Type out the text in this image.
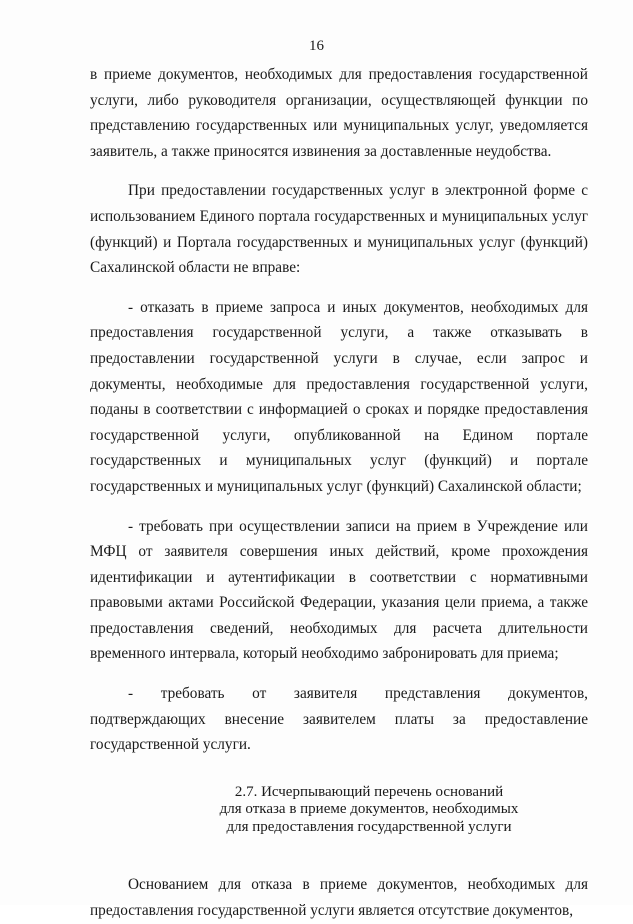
16

в приеме документов, необходимых для предоставления государственной услуги, либо руководителя организации, осуществляющей функции по представлению государственных или муниципальных услуг, уведомляется заявитель, а также приносятся извинения за доставленные неудобства.

При предоставлении государственных услуг в электронной форме с использованием Единого портала государственных и муниципальных услуг (функций) и Портала государственных и муниципальных услуг (функций) Сахалинской области не вправе:

- отказать в приеме запроса и иных документов, необходимых для предоставления государственной услуги, а также отказывать в предоставлении государственной услуги в случае, если запрос и документы, необходимые для предоставления государственной услуги, поданы в соответствии с информацией о сроках и порядке предоставления государственной услуги, опубликованной на Едином портале государственных и муниципальных услуг (функций) и портале государственных и муниципальных услуг (функций) Сахалинской области;

- требовать при осуществлении записи на прием в Учреждение или МФЦ от заявителя совершения иных действий, кроме прохождения идентификации и аутентификации в соответствии с нормативными правовыми актами Российской Федерации, указания цели приема, а также предоставления сведений, необходимых для расчета длительности временного интервала, который необходимо забронировать для приема;

- требовать от заявителя представления документов, подтверждающих внесение заявителем платы за предоставление государственной услуги.

2.7. Исчерпывающий перечень оснований
для отказа в приеме документов, необходимых
для предоставления государственной услуги

Основанием для отказа в приеме документов, необходимых для предоставления государственной услуги является отсутствие документов,
